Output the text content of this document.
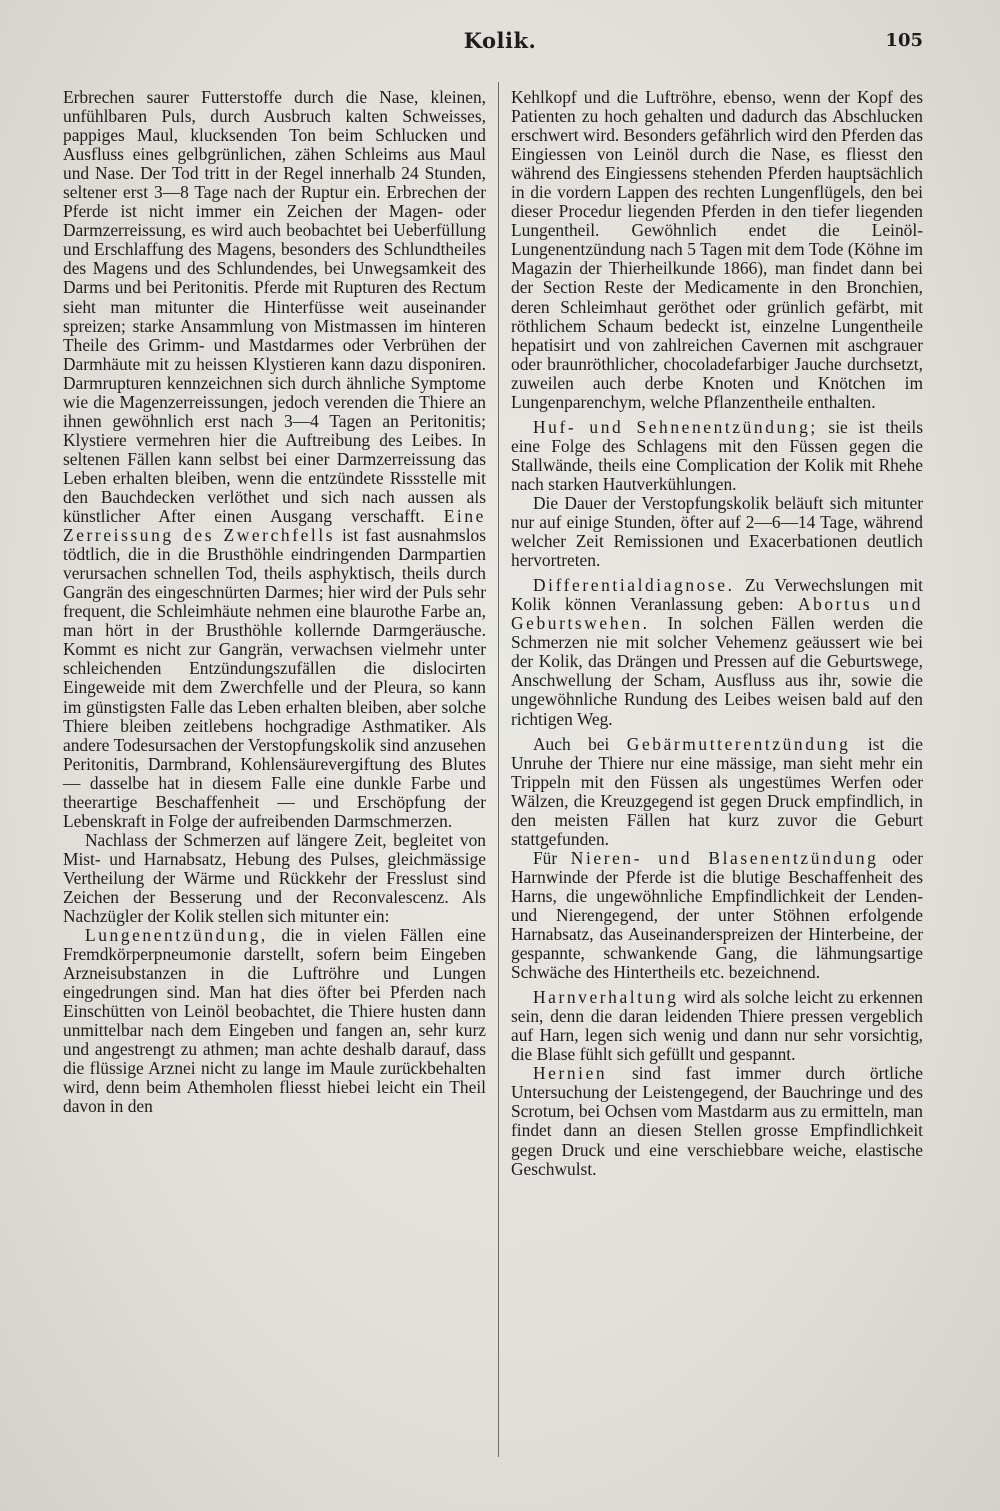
Kolik.	105

Erbrechen saurer Futterstoffe durch die Nase, kleinen, unfühlbaren Puls, durch Ausbruch kalten Schweisses, pappiges Maul, klucksenden Ton beim Schlucken und Ausfluss eines gelbgrünlichen, zähen Schleims aus Maul und Nase. Der Tod tritt in der Regel innerhalb 24 Stunden, seltener erst 3—8 Tage nach der Ruptur ein. Erbrechen der Pferde ist nicht immer ein Zeichen der Magen- oder Darmzerreissung, es wird auch beobachtet bei Ueberfüllung und Erschlaffung des Magens, besonders des Schlundtheiles des Magens und des Schlundendes, bei Unwegsamkeit des Darms und bei Peritonitis. Pferde mit Rupturen des Rectum sieht man mitunter die Hinterfüsse weit auseinander spreizen; starke Ansammlung von Mistmassen im hinteren Theile des Grimm- und Mastdarmes oder Verbrühen der Darmhäute mit zu heissen Klystieren kann dazu disponiren. Darmrupturen kennzeichnen sich durch ähnliche Symptome wie die Magenzerreissungen, jedoch verenden die Thiere an ihnen gewöhnlich erst nach 3—4 Tagen an Peritonitis; Klystiere vermehren hier die Auftreibung des Leibes. In seltenen Fällen kann selbst bei einer Darmzerreissung das Leben erhalten bleiben, wenn die entzündete Rissstelle mit den Bauchdecken verlöthet und sich nach aussen als künstlicher After einen Ausgang verschafft. Eine Zerreissung des Zwerchfells ist fast ausnahmslos tödtlich, die in die Brusthöhle eindringenden Darmpartien verursachen schnellen Tod, theils asphyktisch, theils durch Gangrän des eingeschnürten Darmes; hier wird der Puls sehr frequent, die Schleimhäute nehmen eine blaurothe Farbe an, man hört in der Brusthöhle kollernde Darmgeräusche. Kommt es nicht zur Gangrän, verwachsen vielmehr unter schleichenden Entzündungszufällen die dislocirten Eingeweide mit dem Zwerchfelle und der Pleura, so kann im günstigsten Falle das Leben erhalten bleiben, aber solche Thiere bleiben zeitlebens hochgradige Asthmatiker. Als andere Todesursachen der Verstopfungskolik sind anzusehen Peritonitis, Darmbrand, Kohlensäurevergiftung des Blutes — dasselbe hat in diesem Falle eine dunkle Farbe und theerartige Beschaffenheit — und Erschöpfung der Lebenskraft in Folge der aufreibenden Darmschmerzen.

Nachlass der Schmerzen auf längere Zeit, begleitet von Mist- und Harnabsatz, Hebung des Pulses, gleichmässige Vertheilung der Wärme und Rückkehr der Fresslust sind Zeichen der Besserung und der Reconvalescenz. Als Nachzügler der Kolik stellen sich mitunter ein:

Lungenentzündung, die in vielen Fällen eine Fremdkörperpneumonie darstellt, sofern beim Eingeben Arzneisubstanzen in die Luftröhre und Lungen eingedrungen sind. Man hat dies öfter bei Pferden nach Einschütten von Leinöl beobachtet, die Thiere husten dann unmittelbar nach dem Eingeben und fangen an, sehr kurz und angestrengt zu athmen; man achte deshalb darauf, dass die flüssige Arznei nicht zu lange im Maule zurückbehalten wird, denn beim Athemholen fliesst hiebei leicht ein Theil davon in den

Kehlkopf und die Luftröhre, ebenso, wenn der Kopf des Patienten zu hoch gehalten und dadurch das Abschlucken erschwert wird. Besonders gefährlich wird den Pferden das Eingiessen von Leinöl durch die Nase, es fliesst den während des Eingiessens stehenden Pferden hauptsächlich in die vordern Lappen des rechten Lungenflügels, den bei dieser Procedur liegenden Pferden in den tiefer liegenden Lungentheil. Gewöhnlich endet die Leinöl-Lungenentzündung nach 5 Tagen mit dem Tode (Köhne im Magazin der Thierheilkunde 1866), man findet dann bei der Section Reste der Medicamente in den Bronchien, deren Schleimhaut geröthet oder grünlich gefärbt, mit röthlichem Schaum bedeckt ist, einzelne Lungentheile hepatisirt und von zahlreichen Cavernen mit aschgrauer oder braunröthlicher, chocoladefarbiger Jauche durchsetzt, zuweilen auch derbe Knoten und Knötchen im Lungenparenchym, welche Pflanzentheile enthalten.

Huf- und Sehnenentzündung; sie ist theils eine Folge des Schlagens mit den Füssen gegen die Stallwände, theils eine Complication der Kolik mit Rhehe nach starken Hautverkühlungen.

Die Dauer der Verstopfungskolik beläuft sich mitunter nur auf einige Stunden, öfter auf 2—6—14 Tage, während welcher Zeit Remissionen und Exacerbationen deutlich hervortreten.

Differentialdiagnose. Zu Verwechslungen mit Kolik können Veranlassung geben: Abortus und Geburtswehen. In solchen Fällen werden die Schmerzen nie mit solcher Vehemenz geäussert wie bei der Kolik, das Drängen und Pressen auf die Geburtswege, Anschwellung der Scham, Ausfluss aus ihr, sowie die ungewöhnliche Rundung des Leibes weisen bald auf den richtigen Weg.

Auch bei Gebärmutterentzündung ist die Unruhe der Thiere nur eine mässige, man sieht mehr ein Trippeln mit den Füssen als ungestümes Werfen oder Wälzen, die Kreuzgegend ist gegen Druck empfindlich, in den meisten Fällen hat kurz zuvor die Geburt stattgefunden.

Für Nieren- und Blasenentzündung oder Harnwinde der Pferde ist die blutige Beschaffenheit des Harns, die ungewöhnliche Empfindlichkeit der Lenden- und Nierengegend, der unter Stöhnen erfolgende Harnabsatz, das Auseinanderspreizen der Hinterbeine, der gespannte, schwankende Gang, die lähmungsartige Schwäche des Hintertheils etc. bezeichnend.

Harnverhaltung wird als solche leicht zu erkennen sein, denn die daran leidenden Thiere pressen vergeblich auf Harn, legen sich wenig und dann nur sehr vorsichtig, die Blase fühlt sich gefüllt und gespannt.

Hernien sind fast immer durch örtliche Untersuchung der Leistengegend, der Bauchringe und des Scrotum, bei Ochsen vom Mastdarm aus zu ermitteln, man findet dann an diesen Stellen grosse Empfindlichkeit gegen Druck und eine verschiebbare weiche, elastische Geschwulst.
